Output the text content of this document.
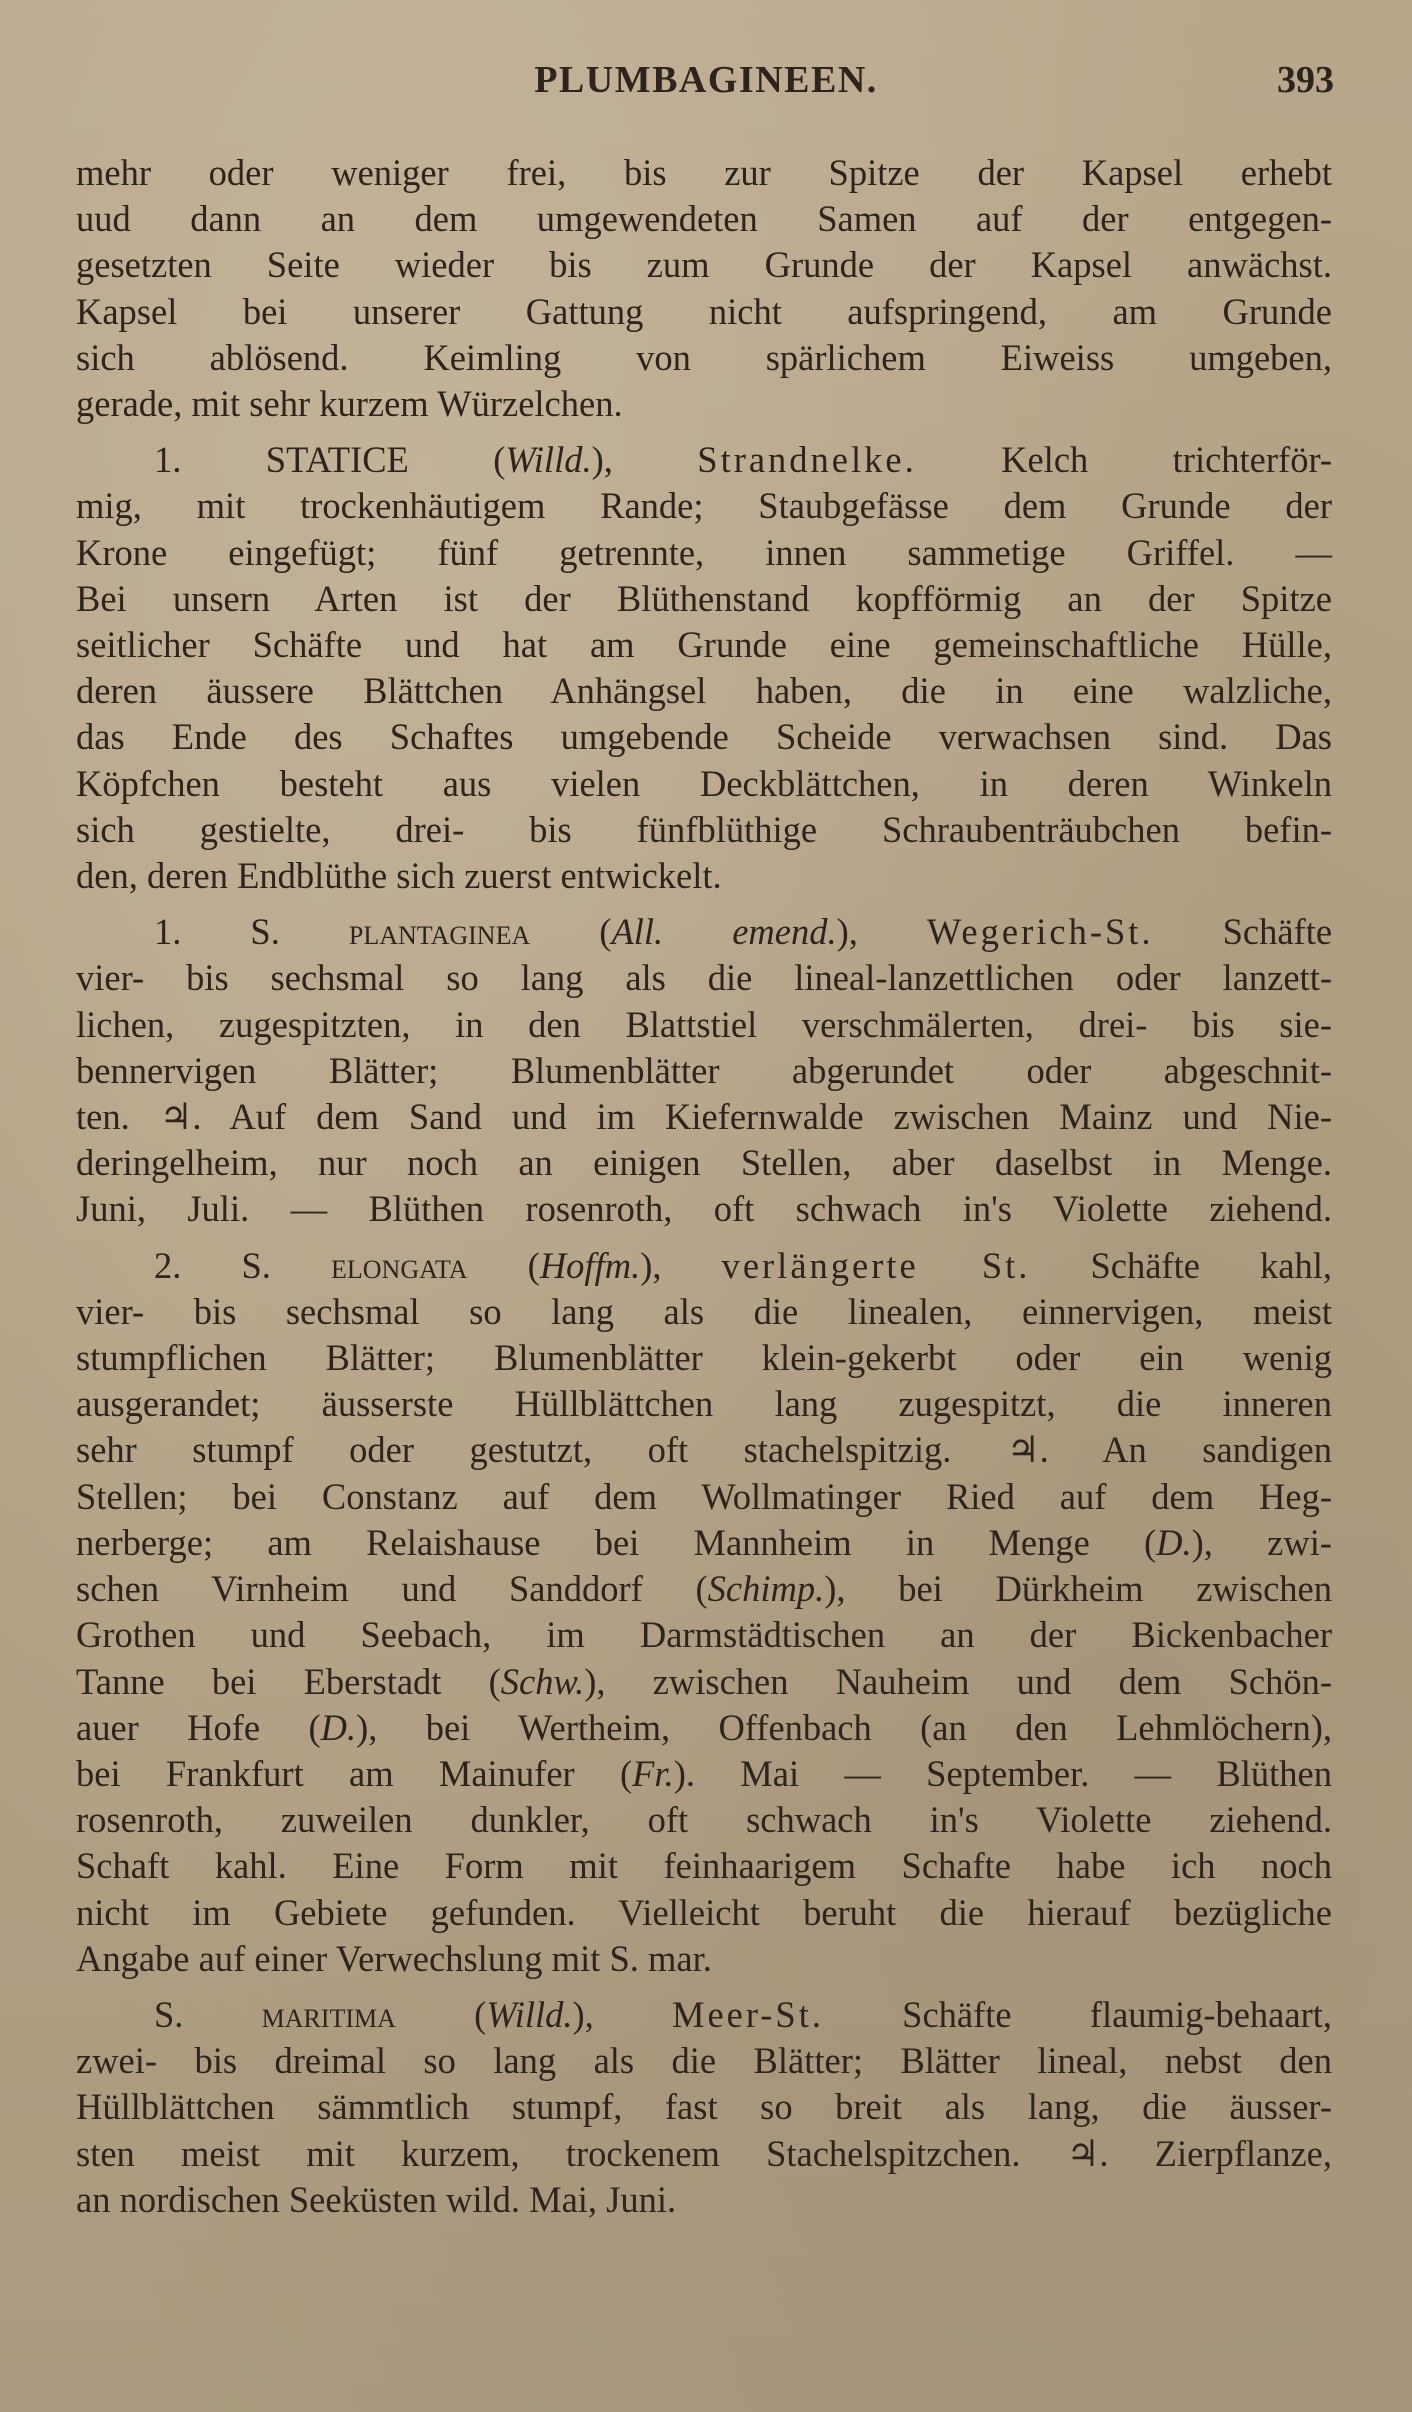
PLUMBAGINEEN.	393
mehr oder weniger frei, bis zur Spitze der Kapsel erhebt
uud dann an dem umgewendeten Samen auf der entgegen-
gesetzten Seite wieder bis zum Grunde der Kapsel anwächst.
Kapsel bei unserer Gattung nicht aufspringend, am Grunde
sich ablösend. Keimling von spärlichem Eiweiss umgeben,
gerade, mit sehr kurzem Würzelchen.
1. STATICE (Willd.), Strandnelke. Kelch trichterför-
mig, mit trockenhäutigem Rande; Staubgefässe dem Grunde der
Krone eingefügt; fünf getrennte, innen sammetige Griffel. —
Bei unsern Arten ist der Blüthenstand kopfförmig an der Spitze
seitlicher Schäfte und hat am Grunde eine gemeinschaftliche Hülle,
deren äussere Blättchen Anhängsel haben, die in eine walzliche,
das Ende des Schaftes umgebende Scheide verwachsen sind. Das
Köpfchen besteht aus vielen Deckblättchen, in deren Winkeln
sich gestielte, drei- bis fünfblüthige Schraubenträubchen befin-
den, deren Endblüthe sich zuerst entwickelt.
1. S. plantaginea (All. emend.), Wegerich-St. Schäfte
vier- bis sechsmal so lang als die lineal-lanzettlichen oder lanzett-
lichen, zugespitzten, in den Blattstiel verschmälerten, drei- bis sie-
bennervigen Blätter; Blumenblätter abgerundet oder abgeschnit-
ten. ♃. Auf dem Sand und im Kiefernwalde zwischen Mainz und Nie-
deringelheim, nur noch an einigen Stellen, aber daselbst in Menge.
Juni, Juli. — Blüthen rosenroth, oft schwach in's Violette ziehend.
2. S. elongata (Hoffm.), verlängerte St. Schäfte kahl,
vier- bis sechsmal so lang als die linealen, einnervigen, meist
stumpflichen Blätter; Blumenblätter klein-gekerbt oder ein wenig
ausgerandet; äusserste Hüllblättchen lang zugespitzt, die inneren
sehr stumpf oder gestutzt, oft stachelspitzig. ♃. An sandigen
Stellen; bei Constanz auf dem Wollmatinger Ried auf dem Heg-
nerberge; am Relaishause bei Mannheim in Menge (D.), zwi-
schen Virnheim und Sanddorf (Schimp.), bei Dürkheim zwischen
Grothen und Seebach, im Darmstädtischen an der Bickenbacher
Tanne bei Eberstadt (Schw.), zwischen Nauheim und dem Schön-
auer Hofe (D.), bei Wertheim, Offenbach (an den Lehmlöchern),
bei Frankfurt am Mainufer (Fr.). Mai — September. — Blüthen
rosenroth, zuweilen dunkler, oft schwach in's Violette ziehend.
Schaft kahl. Eine Form mit feinhaarigem Schafte habe ich noch
nicht im Gebiete gefunden. Vielleicht beruht die hierauf bezügliche
Angabe auf einer Verwechslung mit S. mar.
S. maritima (Willd.), Meer-St. Schäfte flaumig-behaart,
zwei- bis dreimal so lang als die Blätter; Blätter lineal, nebst den
Hüllblättchen sämmtlich stumpf, fast so breit als lang, die äusser-
sten meist mit kurzem, trockenem Stachelspitzchen. ♃. Zierpflanze,
an nordischen Seeküsten wild. Mai, Juni.
